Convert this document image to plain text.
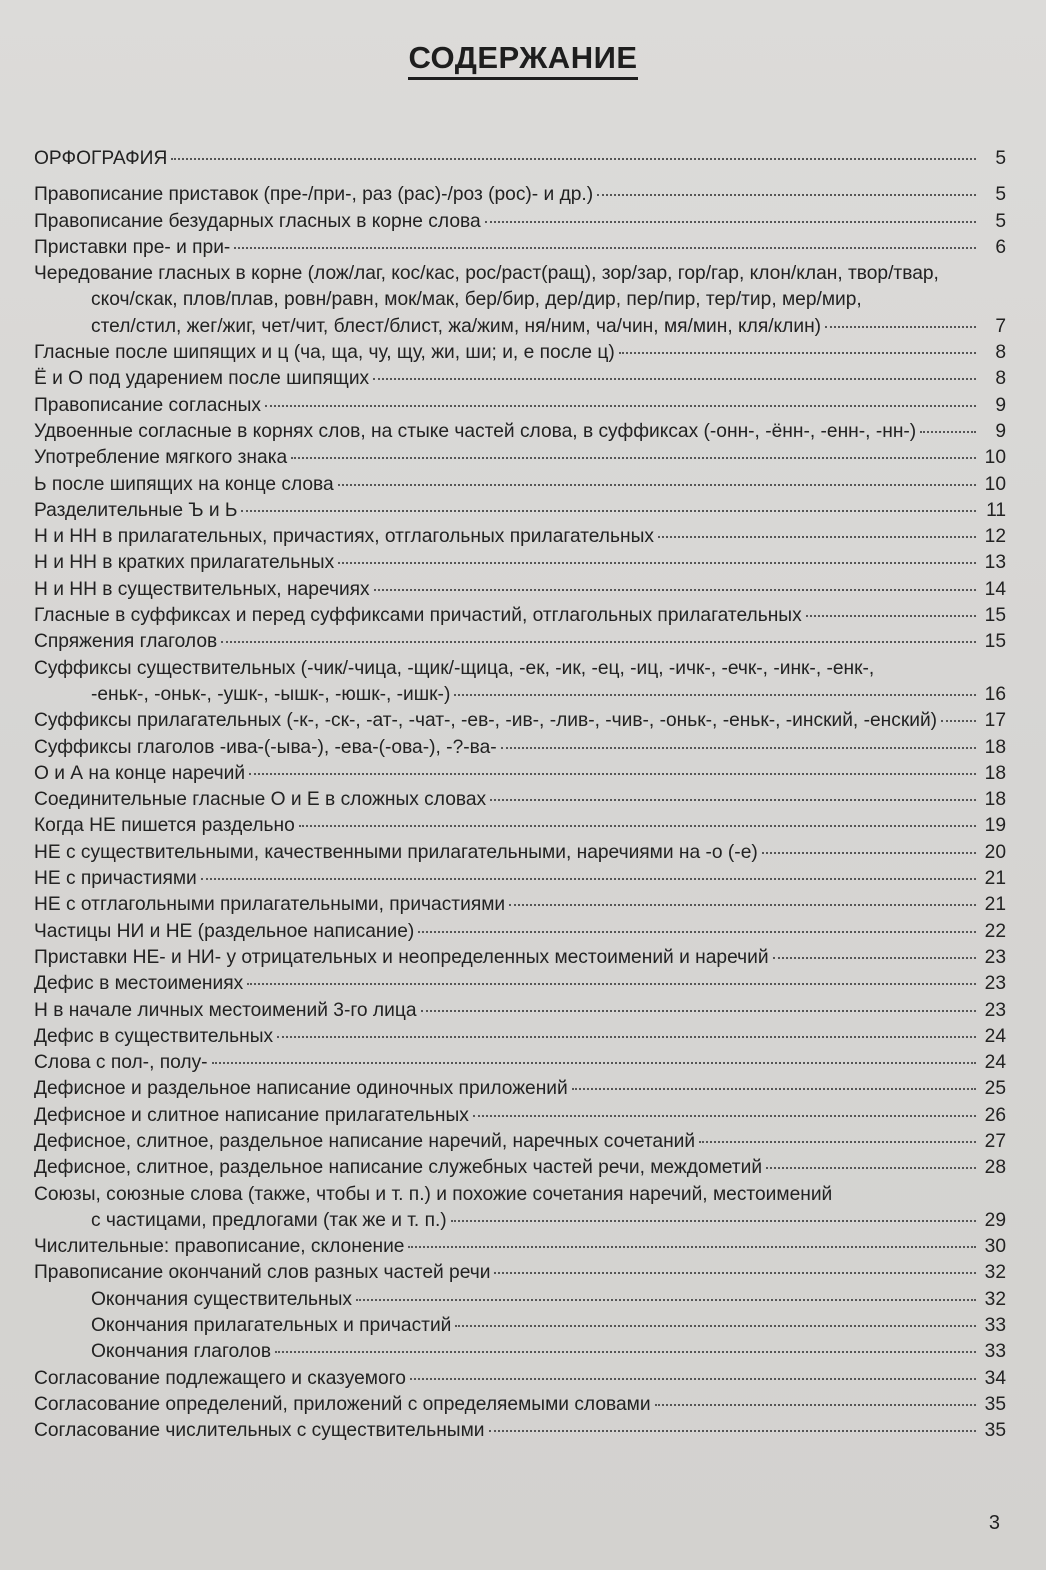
СОДЕРЖАНИЕ
ОРФОГРАФИЯ	5
Правописание приставок (пре-/при-, раз (рас)-/роз (рос)- и др.)	5
Правописание безударных гласных в корне слова	5
Приставки пре- и при-	6
Чередование гласных в корне (лож/лаг, кос/кас, рос/раст(ращ), зор/зар, гор/гар, клон/клан, твор/твар,
скоч/скак, плов/плав, ровн/равн, мок/мак, бер/бир, дер/дир, пер/пир, тер/тир, мер/мир,
стел/стил, жег/жиг, чет/чит, блест/блист, жа/жим, ня/ним, ча/чин, мя/мин, кля/клин)	7
Гласные после шипящих и ц (ча, ща, чу, щу, жи, ши; и, е после ц)	8
Ё и О под ударением после шипящих	8
Правописание согласных	9
Удвоенные согласные в корнях слов, на стыке частей слова, в суффиксах (-онн-, -ённ-, -енн-, -нн-)	9
Употребление мягкого знака	10
Ь после шипящих на конце слова	10
Разделительные Ъ и Ь	11
Н и НН в прилагательных, причастиях, отглагольных прилагательных	12
Н и НН в кратких прилагательных	13
Н и НН в существительных, наречиях	14
Гласные в суффиксах и перед суффиксами причастий, отглагольных прилагательных	15
Спряжения глаголов	15
Суффиксы существительных (-чик/-чица, -щик/-щица, -ек, -ик, -ец, -иц, -ичк-, -ечк-, -инк-, -енк-,
-еньк-, -оньк-, -ушк-, -ышк-, -юшк-, -ишк-)	16
Суффиксы прилагательных (-к-, -ск-, -ат-, -чат-, -ев-, -ив-, -лив-, -чив-, -оньк-, -еньк-, -инский, -енский) 17
Суффиксы глаголов -ива-(-ыва-), -ева-(-ова-), -?-ва-	18
О и А на конце наречий	18
Соединительные гласные О и Е в сложных словах	18
Когда НЕ пишется раздельно	19
НЕ с существительными, качественными прилагательными, наречиями на -о (-е)	20
НЕ с причастиями	21
НЕ с отглагольными прилагательными, причастиями	21
Частицы НИ и НЕ (раздельное написание)	22
Приставки НЕ- и НИ- у отрицательных и неопределенных местоимений и наречий	23
Дефис в местоимениях	23
Н в начале личных местоимений 3-го лица	23
Дефис в существительных	24
Слова с пол-, полу-	24
Дефисное и раздельное написание одиночных приложений	25
Дефисное и слитное написание прилагательных	26
Дефисное, слитное, раздельное написание наречий, наречных сочетаний	27
Дефисное, слитное, раздельное написание служебных частей речи, междометий	28
Союзы, союзные слова (также, чтобы и т. п.) и похожие сочетания наречий, местоимений
с частицами, предлогами (так же и т. п.)	29
Числительные: правописание, склонение	30
Правописание окончаний слов разных частей речи	32
Окончания существительных	32
Окончания прилагательных и причастий	33
Окончания глаголов	33
Согласование подлежащего и сказуемого	34
Согласование определений, приложений с определяемыми словами	35
Согласование числительных с существительными	35
3
